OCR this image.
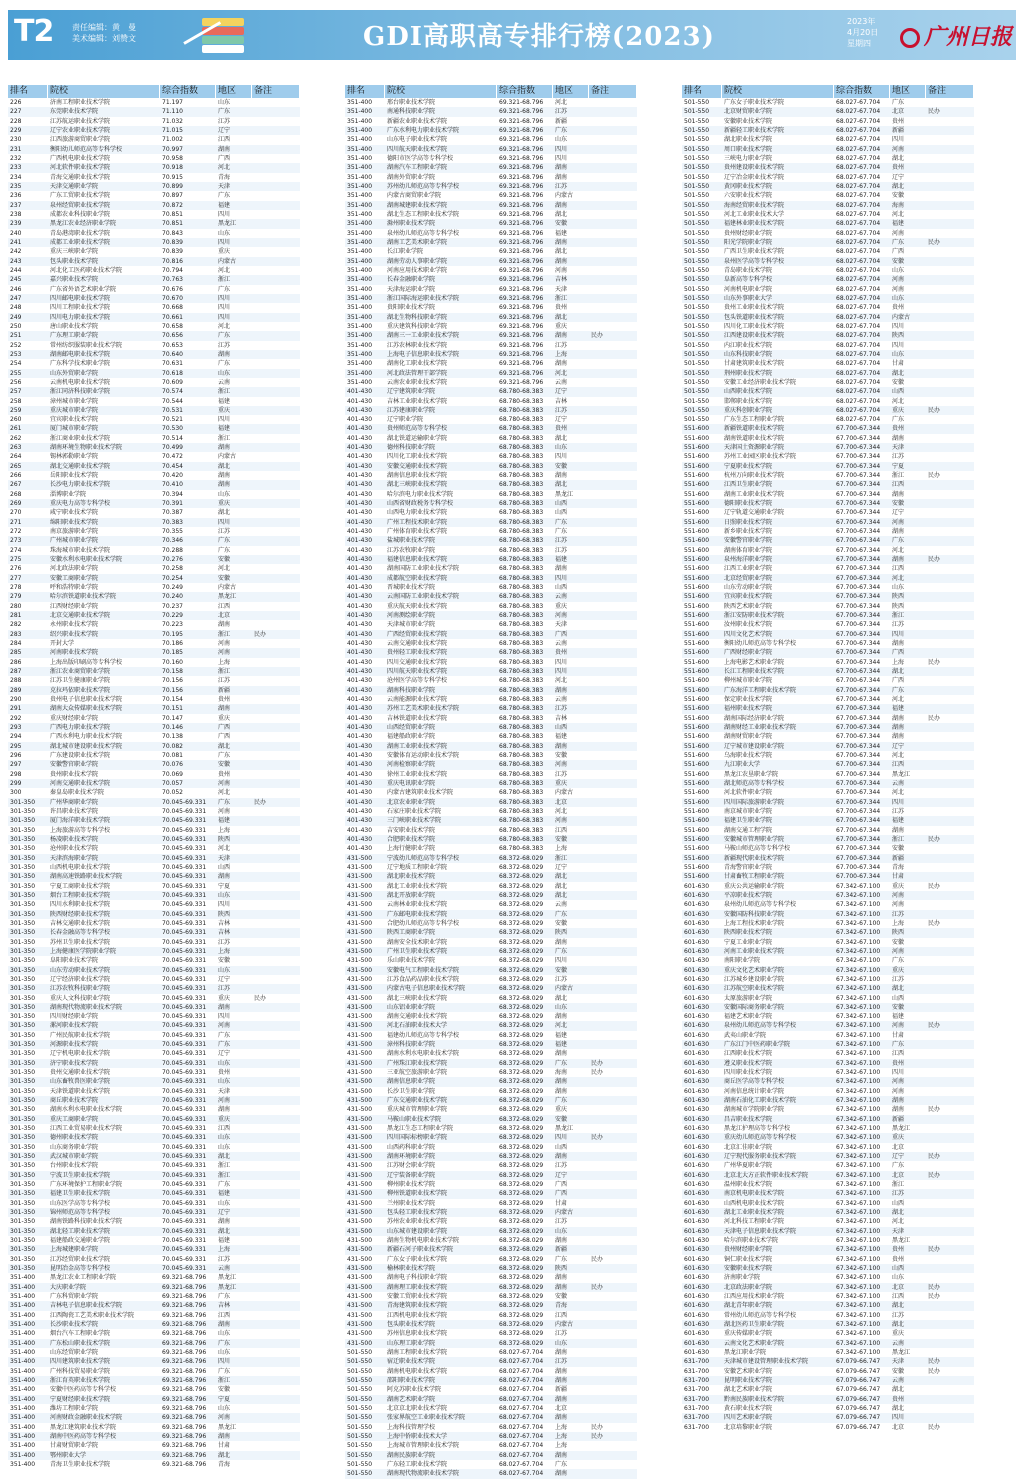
T2 责任编辑：黄　曼
美术编辑：刘赞文	GDI高职高专排行榜(2023)
2023年
4月20日
星期四	广州日报
排名	院校	综合指数	地区	备注
226	济南工程职业技术学院	71.197	山东
227	东莞职业技术学院	71.110	广东
228	江苏航运职业技术学院	71.032	江苏
229	辽宁农业职业技术学院	71.015	辽宁
230	江西旅游商贸职业学院	71.002	江西
231	衡阳幼儿师范高等专科学校	70.997	湖南
232	广西机电职业技术学院	70.958	广西
233	河北软件职业技术学院	70.918	河北
234	青海交通职业技术学院	70.915	青海
235	天津交通职业学院	70.899	天津
236	广东工贸职业技术学院	70.897	广东
237	泉州经贸职业技术学院	70.872	福建
238	成都农业科技职业学院	70.851	四川
239	黑龙江农业经济职业学院	70.851	黑龙江
240	青岛港湾职业技术学院	70.843	山东
241	成都工业职业技术学院	70.839	四川
242	重庆三峡职业学院	70.839	重庆
243	包头职业技术学院	70.816	内蒙古
244	河北化工医药职业技术学院	70.794	河北
245	嘉兴职业技术学院	70.763	浙江
246	广东省外语艺术职业学院	70.676	广东
247	四川邮电职业技术学院	70.670	四川
248	四川工程职业技术学院	70.668	四川
249	四川电力职业技术学院	70.661	四川
250	唐山职业技术学院	70.658	河北
251	广东理工职业学院	70.656	广东
252	常州纺织服装职业技术学院	70.653	江苏
253	湖南邮电职业技术学院	70.640	湖南
254	广东科学技术职业学院	70.631	广东
255	山东外贸职业学院	70.618	山东
256	云南机电职业技术学院	70.609	云南
257	浙江同济科技职业学院	70.574	浙江
258	漳州城市职业学院	70.544	福建
259	重庆城市职业学院	70.531	重庆
260	宜宾职业技术学院	70.521	四川
261	厦门城市职业学院	70.530	福建
262	浙江商业职业技术学院	70.514	浙江
263	湖南环境生物职业技术学院	70.499	湖南
264	锡林郭勒职业学院	70.472	内蒙古
265	湖北交通职业技术学院	70.454	湖北
266	岳阳职业技术学院	70.420	湖南
267	长沙电力职业技术学院	70.410	湖南
268	淄博职业学院	70.394	山东
269	重庆电力高等专科学校	70.391	重庆
270	咸宁职业技术学院	70.387	湖北
271	绵阳职业技术学院	70.383	四川
272	南京旅游职业学院	70.355	江苏
273	广州城市职业学院	70.346	广东
274	珠海城市职业技术学院	70.288	广东
275	安徽水利水电职业技术学院	70.276	安徽
276	河北政法职业学院	70.258	河北
277	安徽工商职业学院	70.254	安徽
278	呼和浩特职业学院	70.249	内蒙古
279	哈尔滨铁道职业技术学院	70.240	黑龙江
280	江西财经职业学院	70.237	江西
281	北京交通职业技术学院	70.229	北京
282	永州职业技术学院	70.223	湖南
283	绍兴职业技术学院	70.195	浙江	民办
284	开封大学	70.186	河南
285	河南职业技术学院	70.185	河南
286	上海出版印刷高等专科学校	70.160	上海
287	浙江农业商贸职业学院	70.158	浙江
288	江苏卫生健康职业学院	70.156	江苏
289	克拉玛依职业技术学院	70.156	新疆
290	贵州电子信息职业技术学院	70.154	贵州
291	湖南大众传媒职业技术学院	70.151	湖南
292	重庆财经职业学院	70.147	重庆
293	广西电力职业技术学院	70.146	广西
294	广西水利电力职业技术学院	70.138	广西
295	湖北城市建设职业技术学院	70.082	湖北
296	广东建设职业技术学院	70.081	广东
297	安徽警官职业学院	70.076	安徽
298	贵州职业技术学院	70.069	贵州
299	河南交通职业技术学院	70.057	河南
300	秦皇岛职业技术学院	70.052	河北
301-350	广州华商职业学院	70.045-69.331	广东	民办
301-350	许昌职业技术学院	70.045-69.331	河南
301-350	厦门海洋职业技术学院	70.045-69.331	福建
301-350	上海旅游高等专科学校	70.045-69.331	上海
301-350	杨凌职业技术学院	70.045-69.331	陕西
301-350	沧州职业技术学院	70.045-69.331	河北
301-350	天津滨海职业学院	70.045-69.331	天津
301-350	山西机电职业技术学院	70.045-69.331	山西
301-350	湖南高速铁路职业技术学院	70.045-69.331	湖南
301-350	宁夏工商职业技术学院	70.045-69.331	宁夏
301-350	烟台工程职业技术学院	70.045-69.331	山东
301-350	四川水利职业技术学院	70.045-69.331	四川
301-350	陕西财经职业技术学院	70.045-69.331	陕西
301-350	吉林交通职业技术学院	70.045-69.331	吉林
301-350	长春金融高等专科学校	70.045-69.331	吉林
301-350	苏州卫生职业技术学院	70.045-69.331	江苏
301-350	上海健康医学院职业学院	70.045-69.331	上海
301-350	阜阳职业技术学院	70.045-69.331	安徽
301-350	山东劳动职业技术学院	70.045-69.331	山东
301-350	辽宁经济职业技术学院	70.045-69.331	辽宁
301-350	江苏农牧科技职业学院	70.045-69.331	江苏
301-350	重庆人文科技职业学院	70.045-69.331	重庆	民办
301-350	湖南现代物流职业技术学院	70.045-69.331	湖南
301-350	四川财经职业学院	70.045-69.331	四川
301-350	漯河职业技术学院	70.045-69.331	河南
301-350	广州民航职业技术学院	70.045-69.331	广东
301-350	河源职业技术学院	70.045-69.331	广东
301-350	辽宁机电职业技术学院	70.045-69.331	辽宁
301-350	济宁职业技术学院	70.045-69.331	山东
301-350	贵州交通职业技术学院	70.045-69.331	贵州
301-350	山东畜牧兽医职业学院	70.045-69.331	山东
301-350	天津铁道职业技术学院	70.045-69.331	天津
301-350	商丘职业技术学院	70.045-69.331	河南
301-350	湖南水利水电职业技术学院	70.045-69.331	湖南
301-350	重庆工商职业学院	70.045-69.331	重庆
301-350	江西工业贸易职业技术学院	70.045-69.331	江西
301-350	德州职业技术学院	70.045-69.331	山东
301-350	山东商务职业学院	70.045-69.331	山东
301-350	武汉城市职业学院	70.045-69.331	湖北
301-350	台州职业技术学院	70.045-69.331	浙江
301-350	宁波卫生职业技术学院	70.045-69.331	浙江
301-350	广东环境保护工程职业学院	70.045-69.331	广东
301-350	福建卫生职业技术学院	70.045-69.331	福建
301-350	山东医学高等专科学校	70.045-69.331	山东
301-350	锦州师范高等专科学校	70.045-69.331	辽宁
301-350	湖南铁路科技职业技术学院	70.045-69.331	湖南
301-350	湖北轻工职业技术学院	70.045-69.331	湖北
301-350	福建船政交通职业学院	70.045-69.331	福建
301-350	上海城建职业学院	70.045-69.331	上海
301-350	江苏经贸职业技术学院	70.045-69.331	江苏
301-350	昆明冶金高等专科学校	70.045-69.331	云南
351-400	黑龙江农业工程职业学院	69.321-68.796	黑龙江
351-400	大庆职业学院	69.321-68.796	黑龙江
351-400	广东科贸职业学院	69.321-68.796	广东
351-400	吉林电子信息职业技术学院	69.321-68.796	吉林
351-400	江西陶瓷工艺美术职业技术学院	69.321-68.796	江西
351-400	长沙职业技术学院	69.321-68.796	湖南
351-400	烟台汽车工程职业学院	69.321-68.796	山东
351-400	广东松山职业技术学院	69.321-68.796	广东
351-400	山东经贸职业学院	69.321-68.796	山东
351-400	四川建筑职业技术学院	69.321-68.796	四川
351-400	广州科技贸易职业学院	69.321-68.796	广东
351-400	浙江育英职业技术学院	69.321-68.796	浙江
351-400	安徽中医药高等专科学校	69.321-68.796	安徽
351-400	宁夏财经职业技术学院	69.321-68.796	宁夏
351-400	潍坊工程职业学院	69.321-68.796	山东
351-400	河南财政金融职业技术学院	69.321-68.796	河南
351-400	黑龙江建筑职业技术学院	69.321-68.796	黑龙江
351-400	湖南中医药高等专科学校	69.321-68.796	湖南
351-400	甘肃财贸职业学院	69.321-68.796	甘肃
351-400	鄂州职业大学	69.321-68.796	湖北
351-400	青海卫生职业技术学院	69.321-68.796	青海
排名	院校	综合指数	地区	备注
351-400	邢台职业技术学院	69.321-68.796	河北
351-400	南通科技职业学院	69.321-68.796	江苏
351-400	新疆农业职业技术学院	69.321-68.796	新疆
351-400	广东水利电力职业技术学院	69.321-68.796	广东
351-400	山东电子职业技术学院	69.321-68.796	山东
351-400	四川航天职业技术学院	69.321-68.796	四川
351-400	德阳市医学高等专科学校	69.321-68.796	四川
351-400	湖南汽车工程职业学院	69.321-68.796	湖南
351-400	湖南外贸职业学院	69.321-68.796	湖南
351-400	苏州幼儿师范高等专科学校	69.321-68.796	江苏
351-400	内蒙古商贸职业学院	69.321-68.796	内蒙古
351-400	湖南城建职业技术学院	69.321-68.796	湖南
351-400	湖北生态工程职业技术学院	69.321-68.796	湖北
351-400	滁州职业技术学院	69.321-68.796	安徽
351-400	泉州幼儿师范高等专科学校	69.321-68.796	福建
351-400	湖南工艺美术职业学院	69.321-68.796	湖南
351-400	长江职业学院	69.321-68.796	湖北
351-400	湖南劳动人事职业学院	69.321-68.796	湖南
351-400	河南应用技术职业学院	69.321-68.796	河南
351-400	长春金融职业学院	69.321-68.796	吉林
351-400	天津海运职业学院	69.321-68.796	天津
351-400	浙江国际海运职业技术学院	69.321-68.796	浙江
351-400	贵阳职业技术学院	69.321-68.796	贵州
351-400	湖北生物科技职业学院	69.321-68.796	湖北
351-400	重庆建筑科技职业学院	69.321-68.796	重庆
351-400	湖南三一工业职业技术学院	69.321-68.796	湖南	民办
351-400	江苏农林职业技术学院	69.321-68.796	江苏
351-400	上海电子信息职业技术学院	69.321-68.796	上海
351-400	湖南化工职业技术学院	69.321-68.796	湖南
351-400	河北政法管理干部学院	69.321-68.796	河北
351-400	云南农业职业技术学院	69.321-68.796	云南
401-430	辽宁建筑职业学院	68.780-68.383	辽宁
401-430	吉林工业职业技术学院	68.780-68.383	吉林
401-430	江苏建康职业学院	68.780-68.383	江苏
401-430	辽宁职业学院	68.780-68.383	辽宁
401-430	贵州师范高等专科学校	68.780-68.383	贵州
401-430	湖北铁道运输职业学院	68.780-68.383	湖北
401-430	德州科技职业学院	68.780-68.383	山东
401-430	四川化工职业技术学院	68.780-68.383	四川
401-430	安徽交通职业技术学院	68.780-68.383	安徽
401-430	湖南信息职业技术学院	68.780-68.383	湖南
401-430	湖北三峡职业技术学院	68.780-68.383	湖北
401-430	哈尔滨电力职业技术学院	68.780-68.383	黑龙江
401-430	山西省财政税务专科学校	68.780-68.383	山西
401-430	山西电力职业技术学院	68.780-68.383	山西
401-430	广州工程技术职业学院	68.780-68.383	广东
401-430	广州体育职业技术学院	68.780-68.383	广东
401-430	盐城职业技术学院	68.780-68.383	江苏
401-430	江苏农牧职业学院	68.780-68.383	江苏
401-430	福建信息职业技术学院	68.780-68.383	福建
401-430	湖南国防工业职业技术学院	68.780-68.383	湖南
401-430	成都航空职业技术学院	68.780-68.383	四川
401-430	晋城职业技术学院	68.780-68.383	山西
401-430	云南国防工业职业技术学院	68.780-68.383	云南
401-430	重庆航天职业技术学院	68.780-68.383	重庆
401-430	河南测绘职业学院	68.780-68.383	河南
401-430	天津城市职业学院	68.780-68.383	天津
401-430	广西经贸职业技术学院	68.780-68.383	广西
401-430	云南交通职业技术学院	68.780-68.383	云南
401-430	贵州轻工职业技术学院	68.780-68.383	贵州
401-430	四川交通职业技术学院	68.780-68.383	四川
401-430	四川航天职业技术学院	68.780-68.383	四川
401-430	沧州医学高等专科学校	68.780-68.383	河北
401-430	湖南科技职业学院	68.780-68.383	湖南
401-430	云南能源职业技术学院	68.780-68.383	云南
401-430	苏州工艺美术职业技术学院	68.780-68.383	江苏
401-430	吉林铁道职业技术学院	68.780-68.383	吉林
401-430	山西经贸职业学院	68.780-68.383	山西
401-430	福建船政职业学院	68.780-68.383	福建
401-430	湖南工业职业技术学院	68.780-68.383	湖南
401-430	安徽体育运动职业技术学院	68.780-68.383	安徽
401-430	河南检察职业学院	68.780-68.383	河南
401-430	徐州工业职业技术学院	68.780-68.383	江苏
401-430	重庆电讯职业学院	68.780-68.383	重庆
401-430	内蒙古建筑职业技术学院	68.780-68.383	内蒙古
401-430	北京农业职业学院	68.780-68.383	北京
401-430	石家庄职业技术学院	68.780-68.383	河北
401-430	三门峡职业技术学院	68.780-68.383	河南
401-430	吉安职业技术学院	68.780-68.383	江西
401-430	合肥职业技术学院	68.780-68.383	安徽
401-430	上海行健职业学院	68.780-68.383	上海
431-500	宁波幼儿师范高等专科学校	68.372-68.029	浙江
431-500	辽宁地质工程职业学院	68.372-68.029	辽宁
431-500	湖北职业技术学院	68.372-68.029	湖北
431-500	湖北工业职业技术学院	68.372-68.029	湖北
431-500	湖北开放职业学院	68.372-68.029	湖北
431-500	云南林业职业技术学院	68.372-68.029	云南
431-500	广东邮电职业技术学院	68.372-68.029	广东
431-500	合肥幼儿师范高等专科学校	68.372-68.029	安徽
431-500	陕西工商职业学院	68.372-68.029	陕西
431-500	湖南安全技术职业学院	68.372-68.029	湖南
431-500	广州卫生职业技术学院	68.372-68.029	广东
431-500	乐山职业技术学院	68.372-68.029	四川
431-500	安徽电气工程职业技术学院	68.372-68.029	安徽
431-500	江苏食品药品职业技术学院	68.372-68.029	江苏
431-500	内蒙古电子信息职业技术学院	68.372-68.029	内蒙古
431-500	湖北三峡职业技术学院	68.372-68.029	湖北
431-500	山东铝业职业学院	68.372-68.029	山东
431-500	湖南交通职业技术学院	68.372-68.029	湖南
431-500	河北石油职业技术大学	68.372-68.029	河北
431-500	福建幼儿师范高等专科学校	68.372-68.029	福建
431-500	漳州科技职业学院	68.372-68.029	福建
431-500	湖南水利水电职业技术学院	68.372-68.029	湖南
431-500	广州珠江职业技术学院	68.372-68.029	广东	民办
431-500	三亚航空旅游职业学院	68.372-68.029	海南	民办
431-500	湖南信息职业学院	68.372-68.029	湖南
431-500	长沙卫生职业学院	68.372-68.029	湖南
431-500	广东交通职业技术学院	68.372-68.029	广东
431-500	重庆城市管理职业学院	68.372-68.029	重庆
431-500	马鞍山职业技术学院	68.372-68.029	安徽
431-500	黑龙江生态工程职业学院	68.372-68.029	黑龙江
431-500	四川国际标榜职业学院	68.372-68.029	四川	民办
431-500	山西药科职业学院	68.372-68.029	山西
431-500	湖南环境职业学院	68.372-68.029	湖南
431-500	江苏财会职业学院	68.372-68.029	江苏
431-500	辽宁装备职业学院	68.372-68.029	辽宁
431-500	柳州职业技术学院	68.372-68.029	广西
431-500	柳州铁道职业技术学院	68.372-68.029	广西
431-500	兰州职业技术学院	68.372-68.029	甘肃
431-500	包头轻工职业技术学院	68.372-68.029	内蒙古
431-500	苏州农业职业技术学院	68.372-68.029	江苏
431-500	山东城市建设职业学院	68.372-68.029	山东
431-500	湖南生物机电职业技术学院	68.372-68.029	湖南
431-500	新疆石河子职业技术学院	68.372-68.029	新疆
431-500	广东女子职业技术学院	68.372-68.029	广东	民办
431-500	榆林职业技术学院	68.372-68.029	陕西
431-500	湖南电子科技职业学院	68.372-68.029	湖南
431-500	湖南理工职业技术学院	68.372-68.029	湖南	民办
431-500	安徽工贸职业技术学院	68.372-68.029	安徽
431-500	青海建筑职业技术学院	68.372-68.029	青海
431-500	江西机电职业技术学院	68.372-68.029	江西
431-500	包头职业技术学院	68.372-68.029	内蒙古
431-500	苏州信息职业技术学院	68.372-68.029	江苏
431-500	山东理工职业学院	68.372-68.029	山东
501-550	湖南工程职业技术学院	68.027-67.704	湖南
501-550	宿迁职业技术学院	68.027-67.704	江苏
501-550	湖南机电职业技术学院	68.027-67.704	湖南
501-550	邵阳职业技术学院	68.027-67.704	湖南
501-550	阿克苏职业技术学院	68.027-67.704	新疆
501-550	湖南艺术职业学院	68.027-67.704	湖南
501-550	北京京北职业技术学院	68.027-67.704	北京
501-550	张家界航空工业职业技术学院	68.027-67.704	湖南
501-550	上海科技管理学校	68.027-67.704	上海	民办
501-550	上海中侨职业技术大学	68.027-67.704	上海	民办
501-550	上海城市管理职业技术学院	68.027-67.704	上海
501-550	湖南民族职业学院	68.027-67.704	湖南
501-550	广东轻工职业技术学院	68.027-67.704	广东
501-550	湖南现代物流职业技术学院	68.027-67.704	湖南
排名	院校	综合指数	地区	备注
501-550	广东女子职业技术学院	68.027-67.704	广东
501-550	北京财贸职业学院	68.027-67.704	北京	民办
501-550	安徽职业技术学院	68.027-67.704	贵州
501-550	新疆轻工职业技术学院	68.027-67.704	新疆
501-550	湖北职业技术学院	68.027-67.704	四川
501-550	周口职业技术学院	68.027-67.704	河南
501-550	三峡电力职业学院	68.027-67.704	湖北
501-550	贵州建设职业技术学院	68.027-67.704	贵州
501-550	辽宁冶金职业技术学院	68.027-67.704	辽宁
501-550	黄冈职业技术学院	68.027-67.704	湖北
501-550	六安职业技术学院	68.027-67.704	安徽
501-550	海南经贸职业技术学院	68.027-67.704	海南
501-550	河北工业职业技术大学	68.027-67.704	河北
501-550	福建林业职业技术学院	68.027-67.704	福建
501-550	贵州财经职业学院	68.027-67.704	河南
501-550	阳光学院职业学院	68.027-67.704	广东	民办
501-550	广西卫生职业技术学院	68.027-67.704	广西
501-550	泉州医学高等专科学校	68.027-67.704	安徽
501-550	青岛职业技术学院	68.027-67.704	山东
501-550	阜新高等专科学校	68.027-67.704	河南
501-550	河南机电职业学院	68.027-67.704	河南
501-550	山东外事职业大学	68.027-67.704	山东
501-550	贵州工业职业技术学院	68.027-67.704	贵州
501-550	包头铁道职业技术学院	68.027-67.704	内蒙古
501-550	四川化工职业技术学院	68.027-67.704	四川
501-550	江西建设职业技术学院	68.027-67.704	陕西
501-550	内江职业技术学院	68.027-67.704	四川
501-550	山东科技职业学院	68.027-67.704	山东
501-550	甘肃建筑职业技术学院	68.027-67.704	甘肃
501-550	荆州职业技术学院	68.027-67.704	湖北
501-550	安徽工业经济职业技术学院	68.027-67.704	安徽
501-550	山西职业技术学院	68.027-67.704	山西
501-550	邯郸职业技术学院	68.027-67.704	河北
501-550	重庆科创职业学院	68.027-67.704	重庆	民办
501-550	广东生态工程职业学院	68.027-67.704	广东
551-600	新疆铁道职业技术学院	67.700-67.344	贵州
551-600	湖南铁道职业技术学院	67.700-67.344	湖南
551-600	天津国土资源职业学院	67.700-67.344	天津
551-600	苏州工业园区职业技术学院	67.700-67.344	江苏
551-600	宁夏职业技术学院	67.700-67.344	宁夏
551-600	杭州万向职业技术学院	67.700-67.344	浙江	民办
551-600	江西卫生职业学院	67.700-67.344	江西
551-600	湖南工业职业技术学院	67.700-67.344	湖南
551-600	德阳职业技术学院	67.700-67.344	安徽
551-600	辽宁轨道交通职业学院	67.700-67.344	辽宁
551-600	日照职业技术学院	67.700-67.344	河南
551-600	新乡职业技术学院	67.700-67.344	湖南
551-600	安徽警官职业学院	67.700-67.344	广东
551-600	湖南体育职业学院	67.700-67.344	河北
551-600	泉州海洋职业学院	67.700-67.344	湖南	民办
551-600	江西工业职业学院	67.700-67.344	江西
551-600	北京经贸职业学院	67.700-67.344	河北
551-600	山东劳动职业学院	67.700-67.344	山东
551-600	宜宾职业技术学院	67.700-67.344	陕西
551-600	陕西艺术职业学院	67.700-67.344	陕西
551-600	浙江安防职业技术学院	67.700-67.344	浙江
551-600	汝州职业技术学院	67.700-67.344	江苏
551-600	四川文化艺术学院	67.700-67.344	四川
551-600	衡阳幼儿师范高等专科学校	67.700-67.344	湖南
551-600	广西财经职业学院	67.700-67.344	广西
551-600	上海电影艺术职业学院	67.700-67.344	上海	民办
551-600	长江工程职业技术学院	67.700-67.344	湖北
551-600	柳州城市职业学院	67.700-67.344	广西
551-600	广东海洋工程职业技术学院	67.700-67.344	广东
551-600	保定职业技术学院	67.700-67.344	河北
551-600	福州职业技术学院	67.700-67.344	福建
551-600	湖南国际经济职业学院	67.700-67.344	湖南	民办
551-600	湖南财经工业职业技术学院	67.700-67.344	湖南
551-600	湖南财贸职业学院	67.700-67.344	湖南
551-600	辽宁城市建设职业学院	67.700-67.344	辽宁
551-600	乌海职业技术学院	67.700-67.344	河北
551-600	九江职业大学	67.700-67.344	江西
551-600	黑龙江农垦职业学院	67.700-67.344	黑龙江
551-600	湖北师范高等专科学校	67.700-67.344	云南
551-600	河北软件职业学院	67.700-67.344	河北
551-600	四川国际旅游职业学院	67.700-67.344	四川
551-600	南京城市职业学院	67.700-67.344	江苏
551-600	福建卫生职业学院	67.700-67.344	福建
551-600	湖南交通工程学院	67.700-67.344	湖南
551-600	安徽城市管理职业学院	67.700-67.344	浙江	民办
551-600	马鞍山师范高等专科学校	67.700-67.344	安徽
551-600	新疆现代职业技术学院	67.700-67.344	新疆
551-600	青海警官职业学院	67.700-67.344	青海
551-600	甘肃畜牧工程职业学院	67.700-67.344	甘肃
601-630	重庆公共运输职业学院	67.342-67.100	重庆	民办
601-630	平凉职业技术学院	67.342-67.100	河南
601-630	泉州幼儿师范高等专科学校	67.342-67.100	河南
601-630	安徽国防科技职业学院	67.342-67.100	江苏
601-630	上海工程技术职业学院	67.342-67.100	上海	民办
601-630	陕西职业技术学院	67.342-67.100	陕西
601-630	宁夏工业职业学院	67.342-67.100	安徽
601-630	河南工业职业技术学院	67.342-67.100	河南
601-630	南阳职业学院	67.342-67.100	广东
601-630	重庆文化艺术职业学院	67.342-67.100	重庆
601-630	江苏城乡建设职业学院	67.342-67.100	江苏
601-630	江苏航空职业技术学院	67.342-67.100	湖北
601-630	太原旅游职业学院	67.342-67.100	山西
601-630	安徽国际商务职业学院	67.342-67.100	安徽
601-630	福建艺术职业学院	67.342-67.100	福建
601-630	泉州幼儿师范高等专科学校	67.342-67.100	河南	民办
601-630	武夷山职业学院	67.342-67.100	甘肃
601-630	广东江门中医药职业学院	67.342-67.100	广东
601-630	江西职业技术学院	67.342-67.100	江西
601-630	遵义职业技术学院	67.342-67.100	贵州
601-630	四川职业技术学院	67.342-67.100	四川
601-630	商丘医学高等专科学校	67.342-67.100	河南
601-630	河南信息统计职业学院	67.342-67.100	河南
601-630	湖南石油化工职业技术学院	67.342-67.100	湖南
601-630	湖南城市学院职业学院	67.342-67.100	湖南	民办
601-630	昌吉职业技术学院	67.342-67.100	新疆
601-630	黑龙江护理高等专科学校	67.342-67.100	黑龙江
601-630	重庆幼儿师范高等专科学校	67.342-67.100	重庆
601-630	北京汇佳职业学院	67.342-67.100	北京
601-630	辽宁现代服务职业技术学院	67.342-67.100	辽宁	民办
601-630	广州华夏职业学院	67.342-67.100	广东
601-630	北京北大方正软件职业技术学院	67.342-67.100	北京	民办
601-630	温州职业技术学院	67.342-67.100	浙江
601-630	南京机电职业技术学院	67.342-67.100	江苏
601-630	山西机电职业技术学院	67.342-67.100	山西
601-630	湖北工业职业技术学院	67.342-67.100	湖北
601-630	河北科技工程职业学院	67.342-67.100	河北
601-630	天津电子信息职业技术学院	67.342-67.100	天津
601-630	哈尔滨职业技术学院	67.342-67.100	黑龙江
601-630	贵州财经职业学院	67.342-67.100	贵州	民办
601-630	铜仁职业技术学院	67.342-67.100	贵州
601-630	安徽职业技术学院	67.342-67.100	山西
601-630	济南职业学院	67.342-67.100	山东
601-630	北京政法职业学院	67.342-67.100	北京	民办
601-630	江西应用技术职业学院	67.342-67.100	江西	民办
601-630	湖北青年职业学院	67.342-67.100	湖北
601-630	常州幼儿师范高等专科学校	67.342-67.100	江苏
601-630	湖北医药卫生职业学院	67.342-67.100	湖北
601-630	重庆传媒职业学院	67.342-67.100	重庆
601-630	云南文化艺术职业学院	67.342-67.100	云南
601-630	黑龙江职业学院	67.342-67.100	黑龙江
631-700	天津城市建设管理职业技术学院	67.079-66.747	天津	民办
631-700	安徽艺术职业学院	67.079-66.747	安徽	民办
631-700	昆明职业技术学院	67.079-66.747	云南
631-700	湖北艺术职业学院	67.079-66.747	湖北
631-700	黔南民族职业技术学院	67.079-66.747	贵州
631-700	黄石职业技术学院	67.079-66.747	湖北
631-700	四川艺术职业学院	67.079-66.747	四川
631-700	北京培黎职业学院	67.079-66.747	北京	民办
